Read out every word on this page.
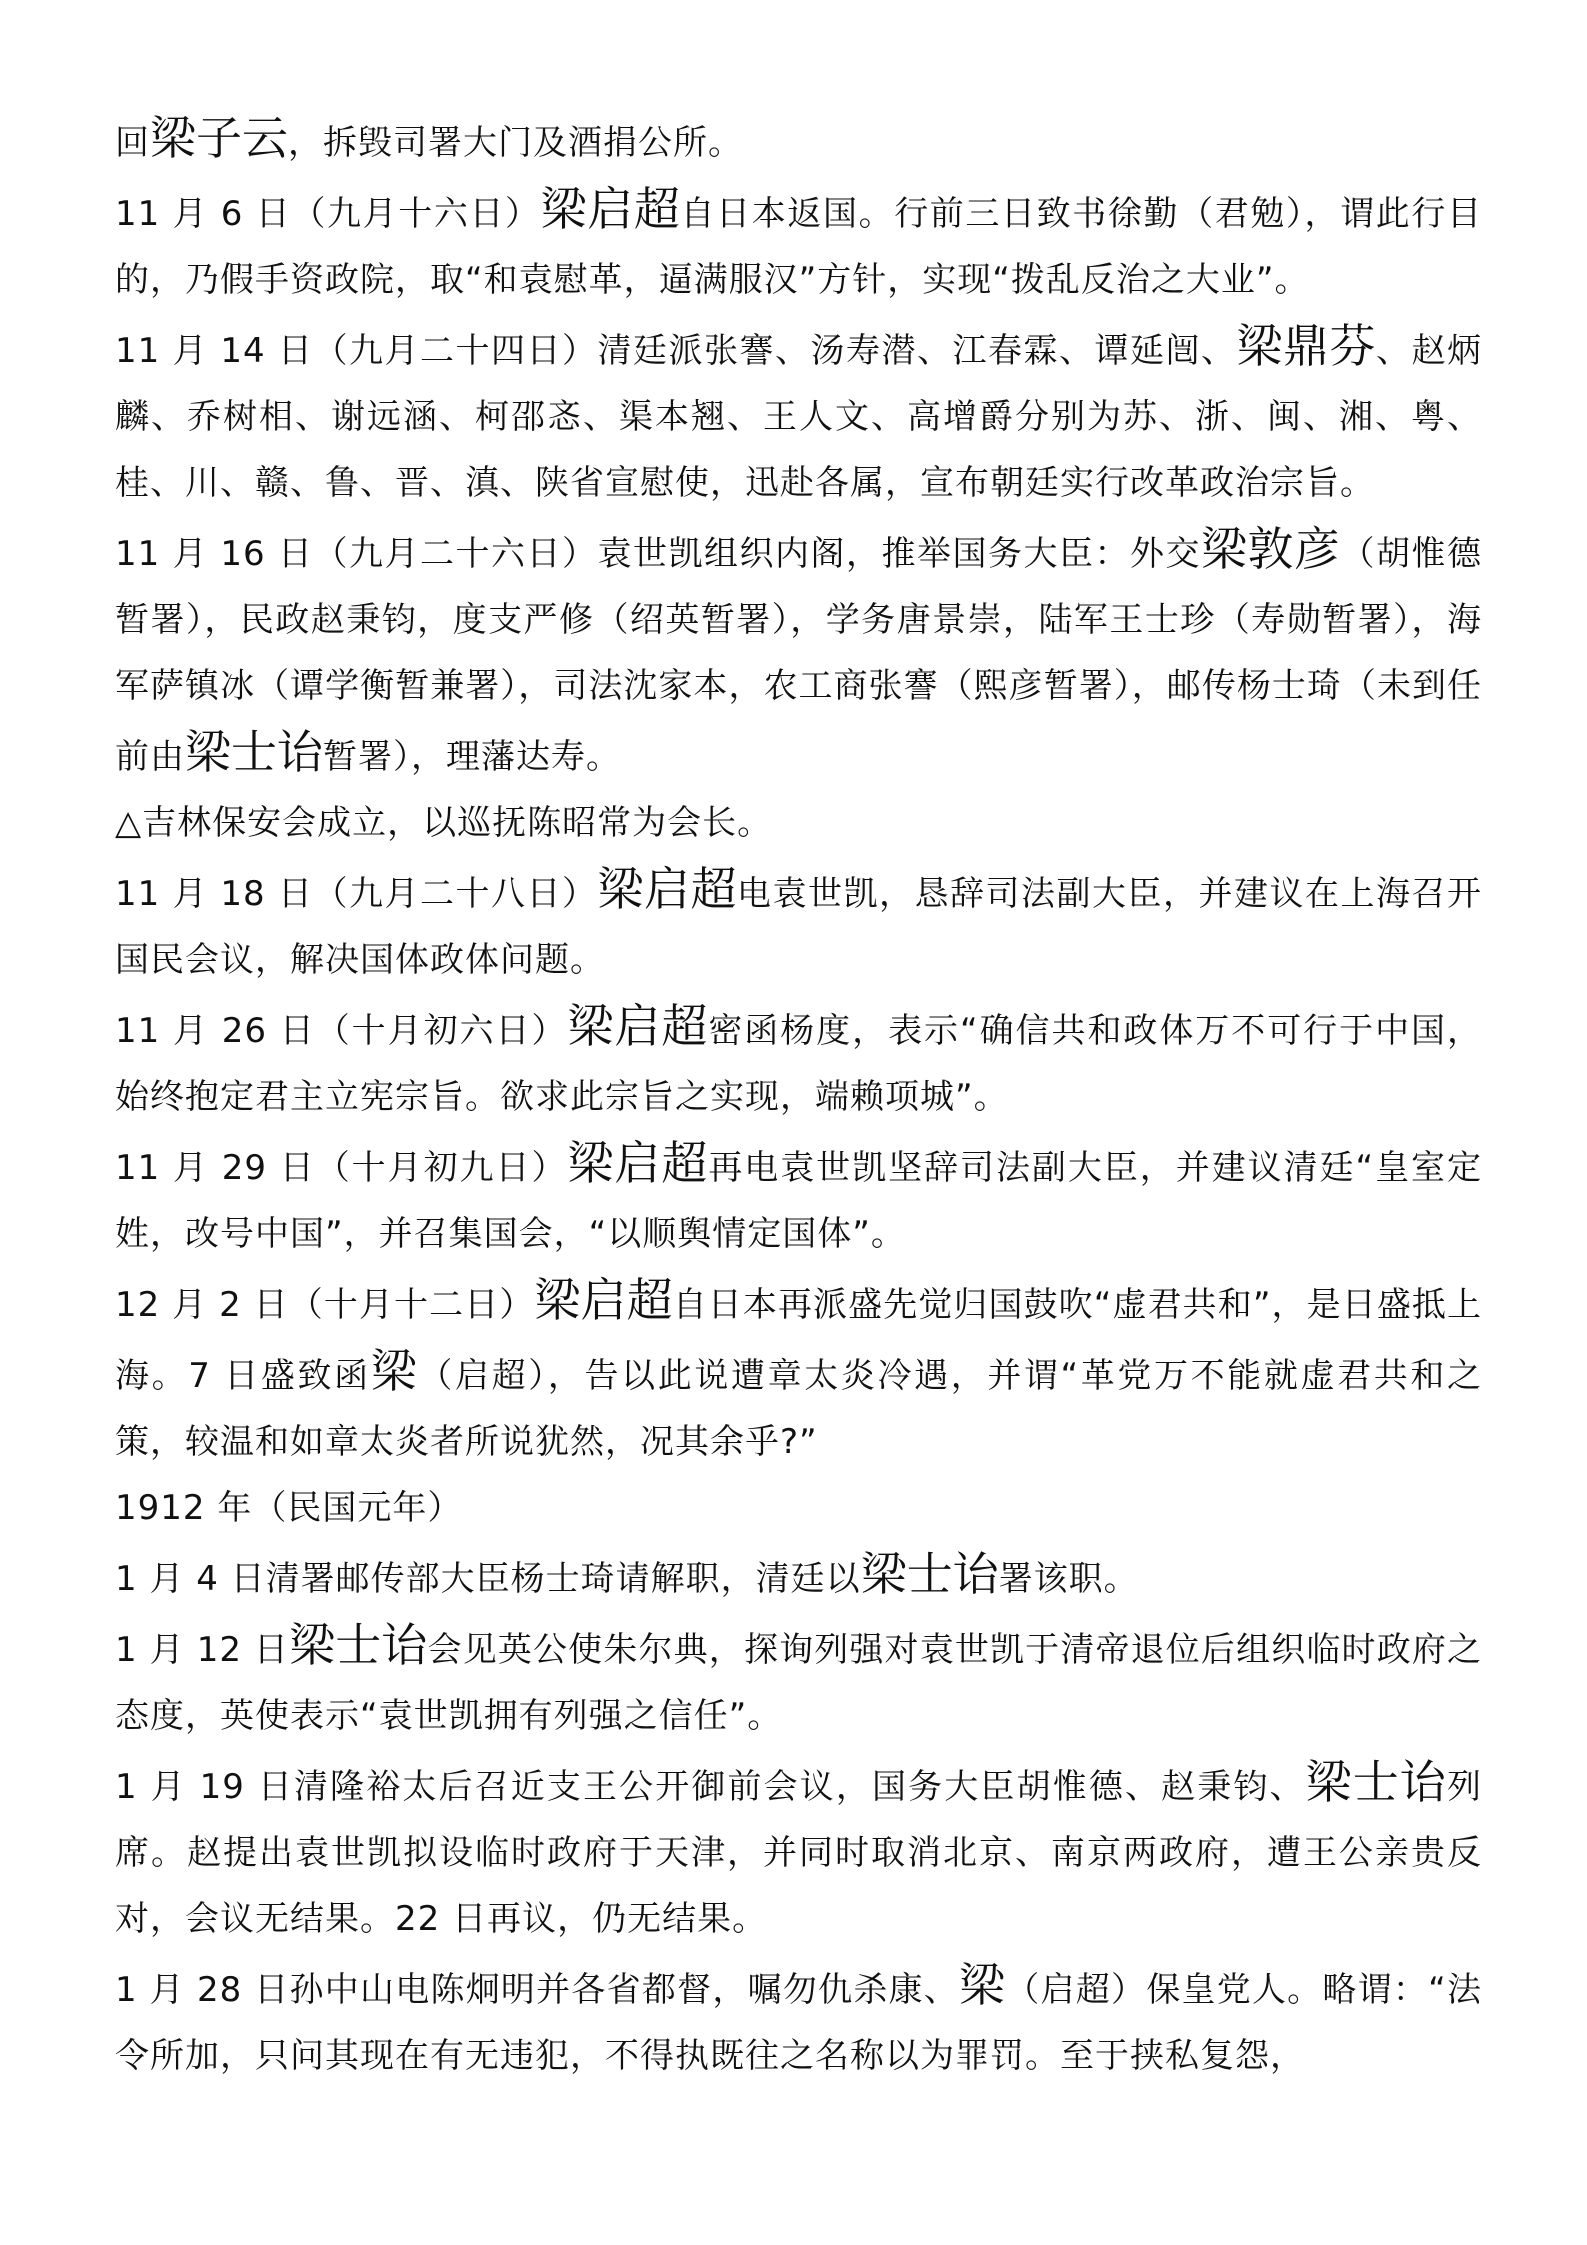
回梁子云，拆毁司署大门及酒捐公所。

11 月 6 日（九月十六日）梁启超自日本返国。行前三日致书徐勤（君勉），谓此行目的，乃假手资政院，取“和袁慰革，逼满服汉”方针，实现“拨乱反治之大业”。

11 月 14 日（九月二十四日）清廷派张謇、汤寿潜、江春霖、谭延闿、梁鼎芬、赵炳麟、乔树相、谢远涵、柯邵忞、渠本翘、王人文、高增爵分别为苏、浙、闽、湘、粤、桂、川、赣、鲁、晋、滇、陕省宣慰使，迅赴各属，宣布朝廷实行改革政治宗旨。

11 月 16 日（九月二十六日）袁世凯组织内阁，推举国务大臣：外交梁敦彦（胡惟德暂署），民政赵秉钧，度支严修（绍英暂署），学务唐景崇，陆军王士珍（寿勋暂署），海军萨镇冰（谭学衡暂兼署），司法沈家本，农工商张謇（熙彦暂署），邮传杨士琦（未到任前由梁士诒暂署），理藩达寿。

△吉林保安会成立，以巡抚陈昭常为会长。

11 月 18 日（九月二十八日）梁启超电袁世凯，恳辞司法副大臣，并建议在上海召开国民会议，解决国体政体问题。

11 月 26 日（十月初六日）梁启超密函杨度，表示“确信共和政体万不可行于中国，始终抱定君主立宪宗旨。欲求此宗旨之实现，端赖项城”。

11 月 29 日（十月初九日）梁启超再电袁世凯坚辞司法副大臣，并建议清廷“皇室定姓，改号中国”，并召集国会，“以顺舆情定国体”。

12 月 2 日（十月十二日）梁启超自日本再派盛先觉归国鼓吹“虚君共和”，是日盛抵上海。7 日盛致函梁（启超），告以此说遭章太炎冷遇，并谓“革党万不能就虚君共和之策，较温和如章太炎者所说犹然，况其余乎?”

1912 年（民国元年）

1 月 4 日清署邮传部大臣杨士琦请解职，清廷以梁士诒署该职。

1 月 12 日梁士诒会见英公使朱尔典，探询列强对袁世凯于清帝退位后组织临时政府之态度，英使表示“袁世凯拥有列强之信任”。

1 月 19 日清隆裕太后召近支王公开御前会议，国务大臣胡惟德、赵秉钧、梁士诒列席。赵提出袁世凯拟设临时政府于天津，并同时取消北京、南京两政府，遭王公亲贵反对，会议无结果。22 日再议，仍无结果。

1 月 28 日孙中山电陈炯明并各省都督，嘱勿仇杀康、梁（启超）保皇党人。略谓：“法令所加，只问其现在有无违犯，不得执既往之名称以为罪罚。至于挟私复怨，
